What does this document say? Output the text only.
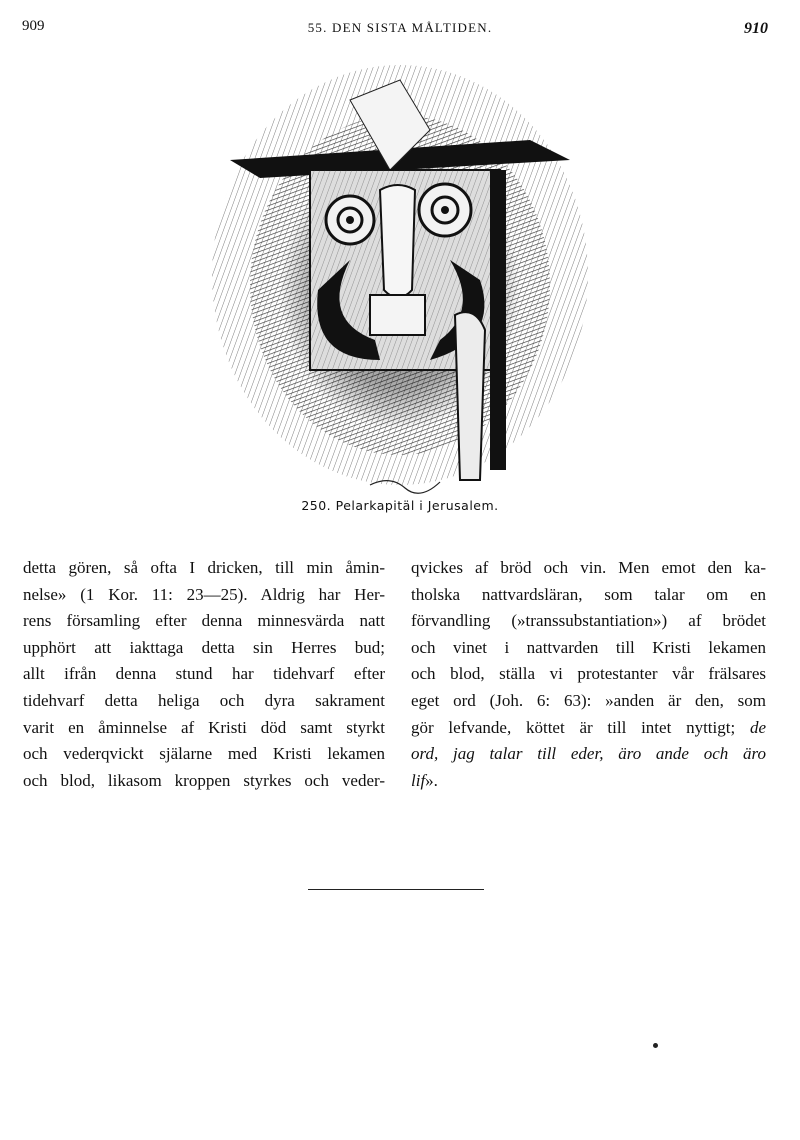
909	55. DEN SISTA MÅLTIDEN.	910
250. Pelarkapitäl i Jerusalem.
detta gören, så ofta I dricken, till min åmin-
nelse» (1 Kor. 11: 23—25). Aldrig har Her-
rens församling efter denna minnesvärda natt
upphört att iakttaga detta sin Herres bud;
allt ifrån denna stund har tidehvarf efter
tidehvarf detta heliga och dyra sakrament
varit en åminnelse af Kristi död samt styrkt
och vederqvickt själarne med Kristi lekamen
och blod, likasom kroppen styrkes och veder-
qvickes af bröd och vin. Men emot den ka-
tholska nattvardsläran, som talar om en
förvandling (»transsubstantiation») af brödet
och vinet i nattvarden till Kristi lekamen
och blod, ställa vi protestanter vår frälsares
eget ord (Joh. 6: 63): »anden är den, som
gör lefvande, köttet är till intet nyttigt; de
ord, jag talar till eder, äro ande och äro
lif».
